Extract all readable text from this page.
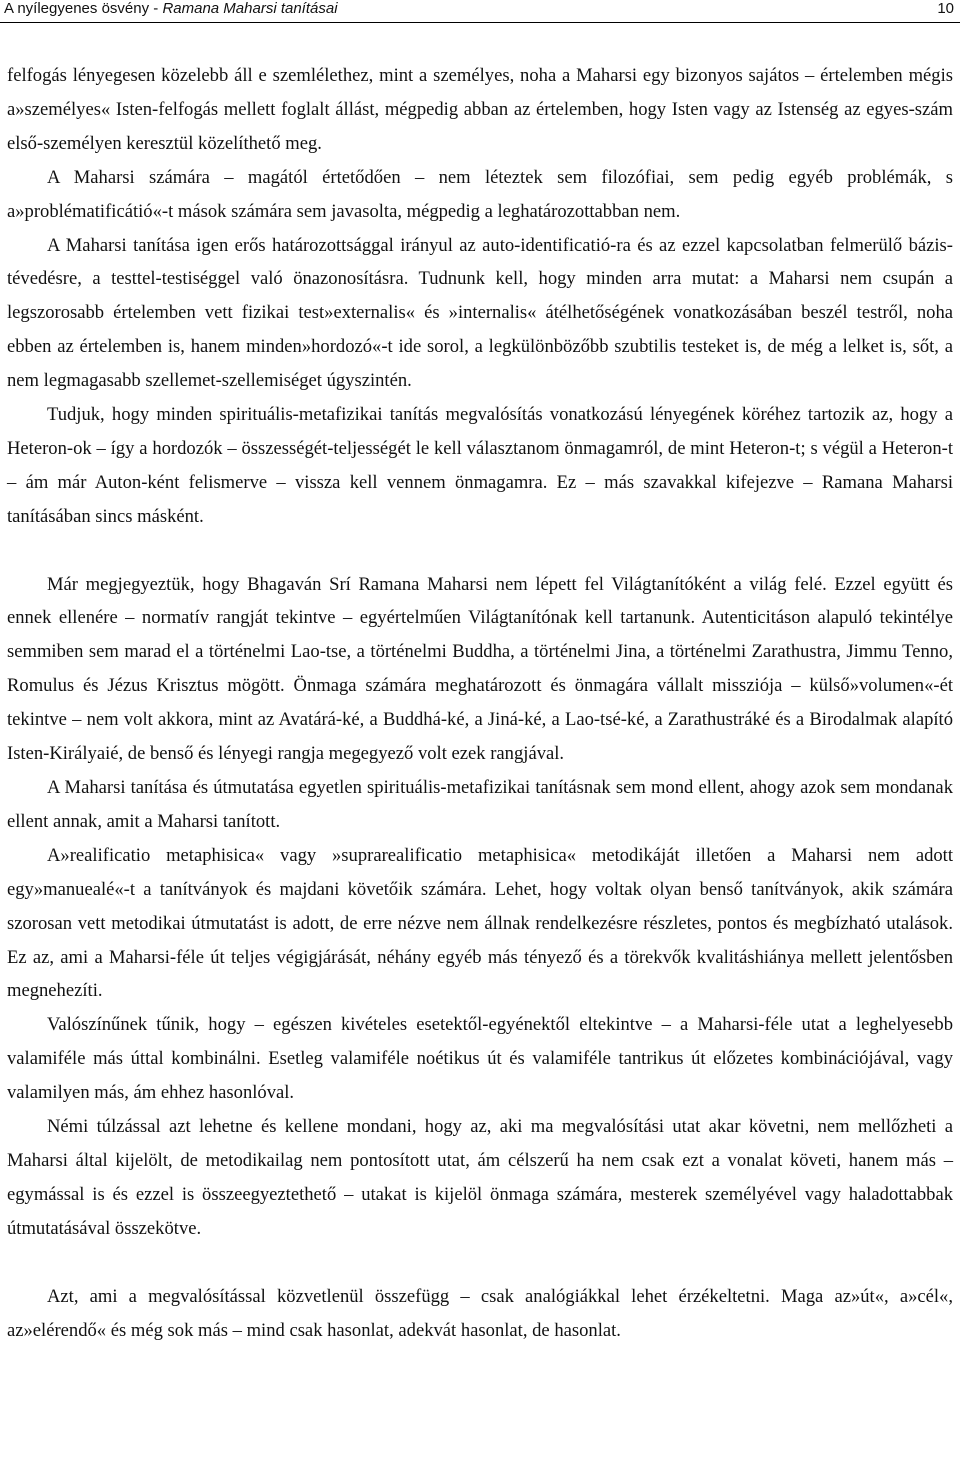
A nyílegyenes ösvény - Ramana Maharsi tanításai	10

felfogás lényegesen közelebb áll e szemlélethez, mint a személyes, noha a Maharsi egy bizonyos sajátos – értelemben mégis a»személyes« Isten-felfogás mellett foglalt állást, mégpedig abban az értelemben, hogy Isten vagy az Istenség az egyes-szám első-személyen keresztül közelíthető meg.

A Maharsi számára – magától értetődően – nem léteztek sem filozófiai, sem pedig egyéb problémák, s a»problématificátió«-t mások számára sem javasolta, mégpedig a leghatározottabban nem.

A Maharsi tanítása igen erős határozottsággal irányul az auto-identificatió-ra és az ezzel kapcsolatban felmerülő bázis-tévedésre, a testtel-testiséggel való önazonosításra. Tudnunk kell, hogy minden arra mutat: a Maharsi nem csupán a legszorosabb értelemben vett fizikai test»externalis« és »internalis« átélhetőségének vonatkozásában beszél testről, noha ebben az értelemben is, hanem minden»hordozó«-t ide sorol, a legkülönbözőbb szubtilis testeket is, de még a lelket is, sőt, a nem legmagasabb szellemet-szellemiséget úgyszintén.

Tudjuk, hogy minden spirituális-metafizikai tanítás megvalósítás vonatkozású lényegének köréhez tartozik az, hogy a Heteron-ok – így a hordozók – összességét-teljességét le kell választanom önmagamról, de mint Heteron-t; s végül a Heteron-t – ám már Auton-ként felismerve – vissza kell vennem önmagamra. Ez – más szavakkal kifejezve – Ramana Maharsi tanításában sincs másként.

Már megjegyeztük, hogy Bhagaván Srí Ramana Maharsi nem lépett fel Világtanítóként a világ felé. Ezzel együtt és ennek ellenére – normatív rangját tekintve – egyértelműen Világtanítónak kell tartanunk. Autenticitáson alapuló tekintélye semmiben sem marad el a történelmi Lao-tse, a történelmi Buddha, a történelmi Jina, a történelmi Zarathustra, Jimmu Tenno, Romulus és Jézus Krisztus mögött. Önmaga számára meghatározott és önmagára vállalt missziója – külső»volumen«-ét tekintve – nem volt akkora, mint az Avatárá-ké, a Buddhá-ké, a Jiná-ké, a Lao-tsé-ké, a Zarathustráké és a Birodalmak alapító Isten-Királyaié, de benső és lényegi rangja megegyező volt ezek rangjával.

A Maharsi tanítása és útmutatása egyetlen spirituális-metafizikai tanításnak sem mond ellent, ahogy azok sem mondanak ellent annak, amit a Maharsi tanított.

A»realificatio metaphisica« vagy »suprarealificatio metaphisica« metodikáját illetően a Maharsi nem adott egy»manuealé«-t a tanítványok és majdani követőik számára. Lehet, hogy voltak olyan benső tanítványok, akik számára szorosan vett metodikai útmutatást is adott, de erre nézve nem állnak rendelkezésre részletes, pontos és megbízható utalások. Ez az, ami a Maharsi-féle út teljes végigjárását, néhány egyéb más tényező és a törekvők kvalitáshiánya mellett jelentősben megnehezíti.

Valószínűnek tűnik, hogy – egészen kivételes esetektől-egyénektől eltekintve – a Maharsi-féle utat a leghelyesebb valamiféle más úttal kombinálni. Esetleg valamiféle noétikus út és valamiféle tantrikus út előzetes kombinációjával, vagy valamilyen más, ám ehhez hasonlóval.

Némi túlzással azt lehetne és kellene mondani, hogy az, aki ma megvalósítási utat akar követni, nem mellőzheti a Maharsi által kijelölt, de metodikailag nem pontosított utat, ám célszerű ha nem csak ezt a vonalat követi, hanem más – egymással is és ezzel is összeegyeztethető – utakat is kijelöl önmaga számára, mesterek személyével vagy haladottabbak útmutatásával összekötve.

Azt, ami a megvalósítással közvetlenül összefügg – csak analógiákkal lehet érzékeltetni. Maga az»út«, a»cél«, az»elérendő« és még sok más – mind csak hasonlat, adekvát hasonlat, de hasonlat.
